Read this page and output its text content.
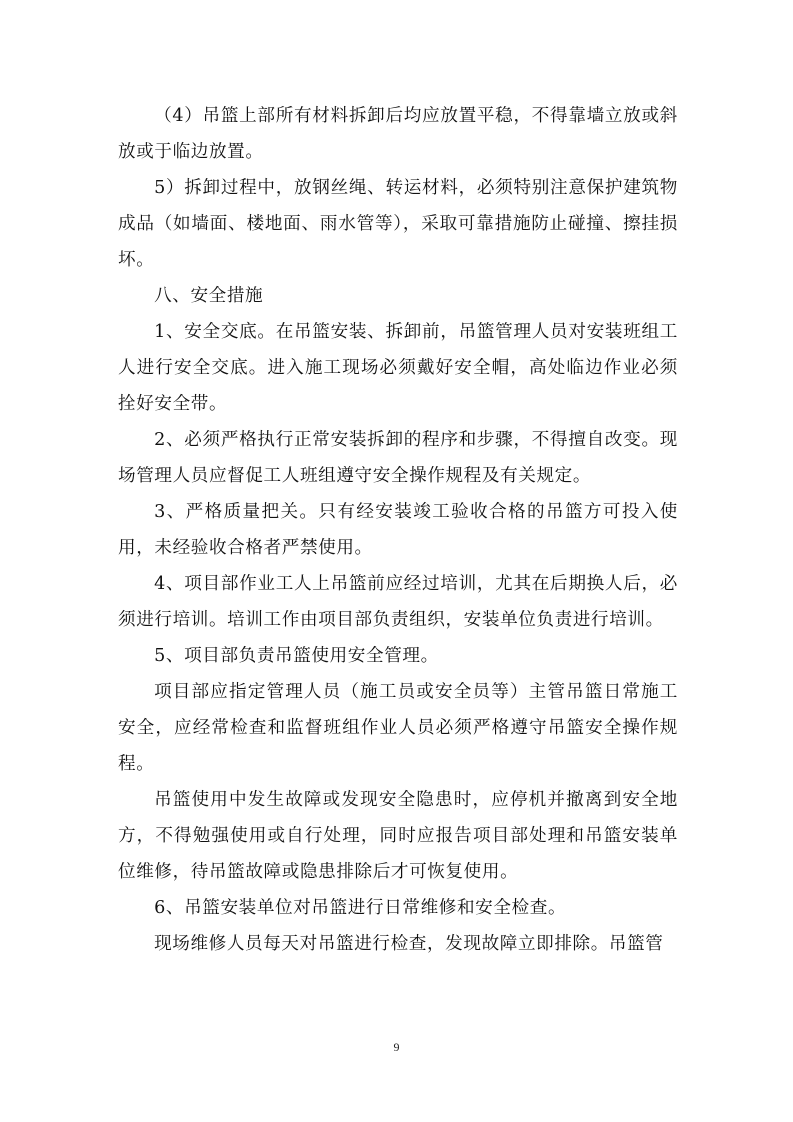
（4）吊篮上部所有材料拆卸后均应放置平稳，不得靠墙立放或斜放或于临边放置。

5）拆卸过程中，放钢丝绳、转运材料，必须特别注意保护建筑物成品（如墙面、楼地面、雨水管等），采取可靠措施防止碰撞、擦挂损坏。

八、安全措施

1、安全交底。在吊篮安装、拆卸前，吊篮管理人员对安装班组工人进行安全交底。进入施工现场必须戴好安全帽，高处临边作业必须拴好安全带。

2、必须严格执行正常安装拆卸的程序和步骤，不得擅自改变。现场管理人员应督促工人班组遵守安全操作规程及有关规定。

3、严格质量把关。只有经安装竣工验收合格的吊篮方可投入使用，未经验收合格者严禁使用。

4、项目部作业工人上吊篮前应经过培训，尤其在后期换人后，必须进行培训。培训工作由项目部负责组织，安装单位负责进行培训。

5、项目部负责吊篮使用安全管理。

项目部应指定管理人员（施工员或安全员等）主管吊篮日常施工安全，应经常检查和监督班组作业人员必须严格遵守吊篮安全操作规程。

吊篮使用中发生故障或发现安全隐患时，应停机并撤离到安全地方，不得勉强使用或自行处理，同时应报告项目部处理和吊篮安装单位维修，待吊篮故障或隐患排除后才可恢复使用。

6、吊篮安装单位对吊篮进行日常维修和安全检查。

现场维修人员每天对吊篮进行检查，发现故障立即排除。吊篮管

9
